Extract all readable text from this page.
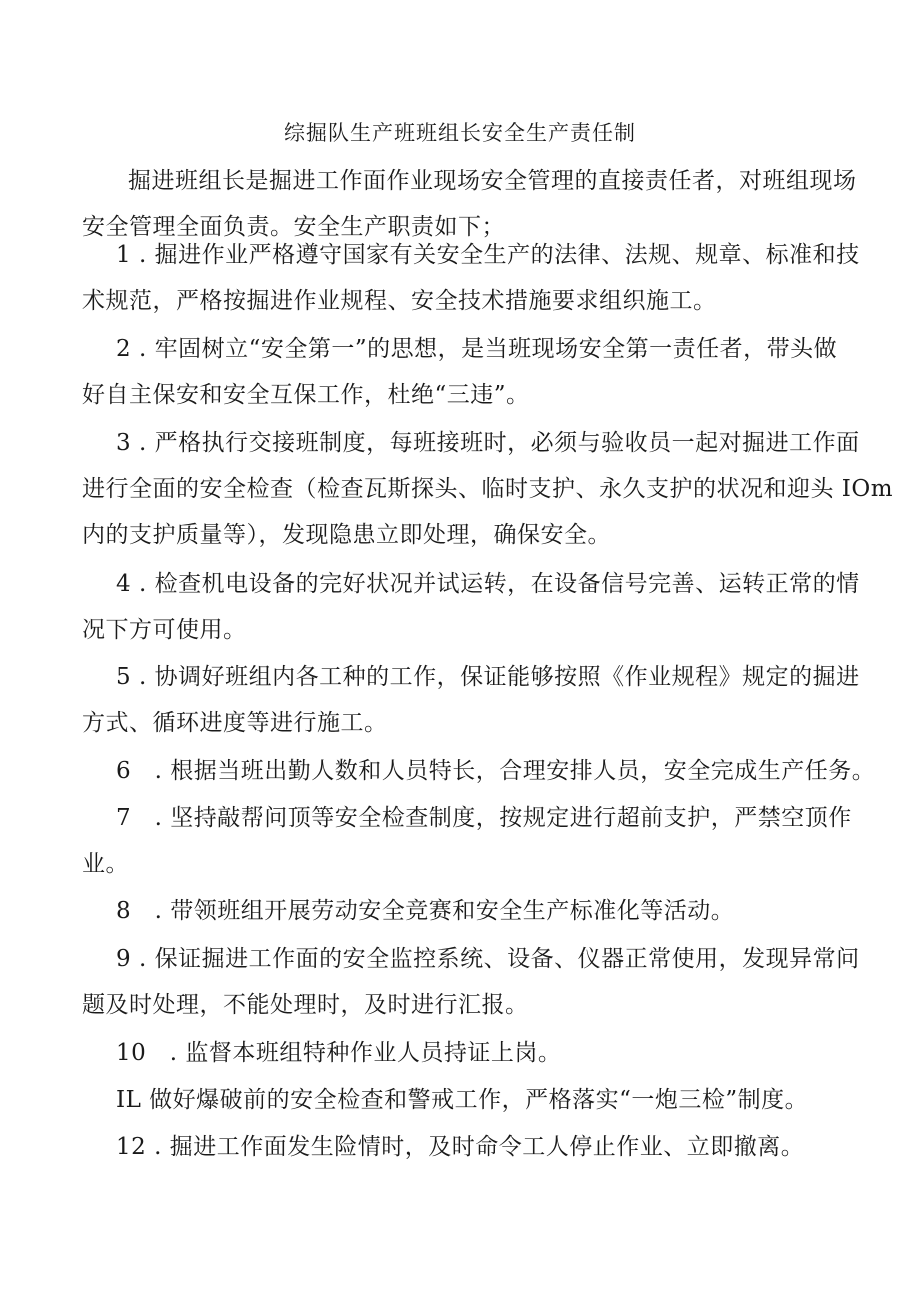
综掘队生产班班组长安全生产责任制
掘进班组长是掘进工作面作业现场安全管理的直接责任者，对班组现场
安全管理全面负责。安全生产职责如下；
1 . 掘进作业严格遵守国家有关安全生产的法律、法规、规章、标准和技
术规范，严格按掘进作业规程、安全技术措施要求组织施工。
2 . 牢固树立“安全第一”的思想，是当班现场安全第一责任者，带头做
好自主保安和安全互保工作，杜绝“三违”。
3 . 严格执行交接班制度，每班接班时，必须与验收员一起对掘进工作面
进行全面的安全检查（检查瓦斯探头、临时支护、永久支护的状况和迎头 IOm
内的支护质量等），发现隐患立即处理，确保安全。
4 . 检查机电设备的完好状况并试运转，在设备信号完善、运转正常的情
况下方可使用。
5 . 协调好班组内各工种的工作，保证能够按照《作业规程》规定的掘进
方式、循环进度等进行施工。
6　. 根据当班出勤人数和人员特长，合理安排人员，安全完成生产任务。
7　. 坚持敲帮问顶等安全检查制度，按规定进行超前支护，严禁空顶作
业。
8　. 带领班组开展劳动安全竞赛和安全生产标准化等活动。
9 . 保证掘进工作面的安全监控系统、设备、仪器正常使用，发现异常问
题及时处理，不能处理时，及时进行汇报。
10　. 监督本班组特种作业人员持证上岗。
IL 做好爆破前的安全检查和警戒工作，严格落实“一炮三检”制度。
12 . 掘进工作面发生险情时，及时命令工人停止作业、立即撤离。
